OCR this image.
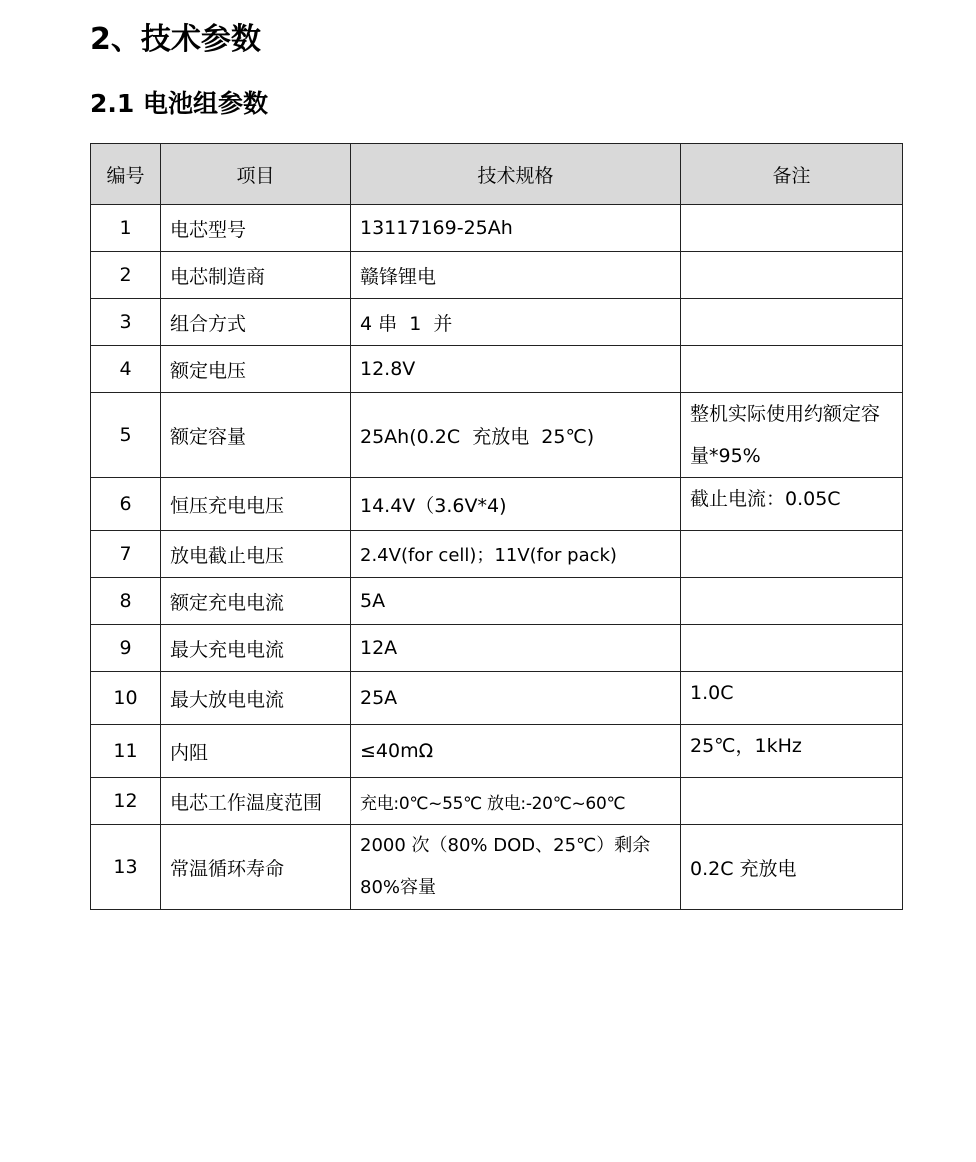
2、技术参数
2.1 电池组参数
编号	项目	技术规格	备注
1	电芯型号	13117169-25Ah	
2	电芯制造商	赣锋锂电	
3	组合方式	4 串  1  并	
4	额定电压	12.8V	
5	额定容量	25Ah(0.2C  充放电  25℃)	整机实际使用约额定容量*95%
6	恒压充电电压	14.4V（3.6V*4)	截止电流：0.05C
7	放电截止电压	2.4V(for cell)；11V(for pack)	
8	额定充电电流	5A	
9	最大充电电流	12A	
10	最大放电电流	25A	1.0C
11	内阻	≤40mΩ	25℃，1kHz
12	电芯工作温度范围	充电:0℃~55℃ 放电:-20℃~60℃	
13	常温循环寿命	2000 次（80% DOD、25℃）剩余80%容量	0.2C 充放电
